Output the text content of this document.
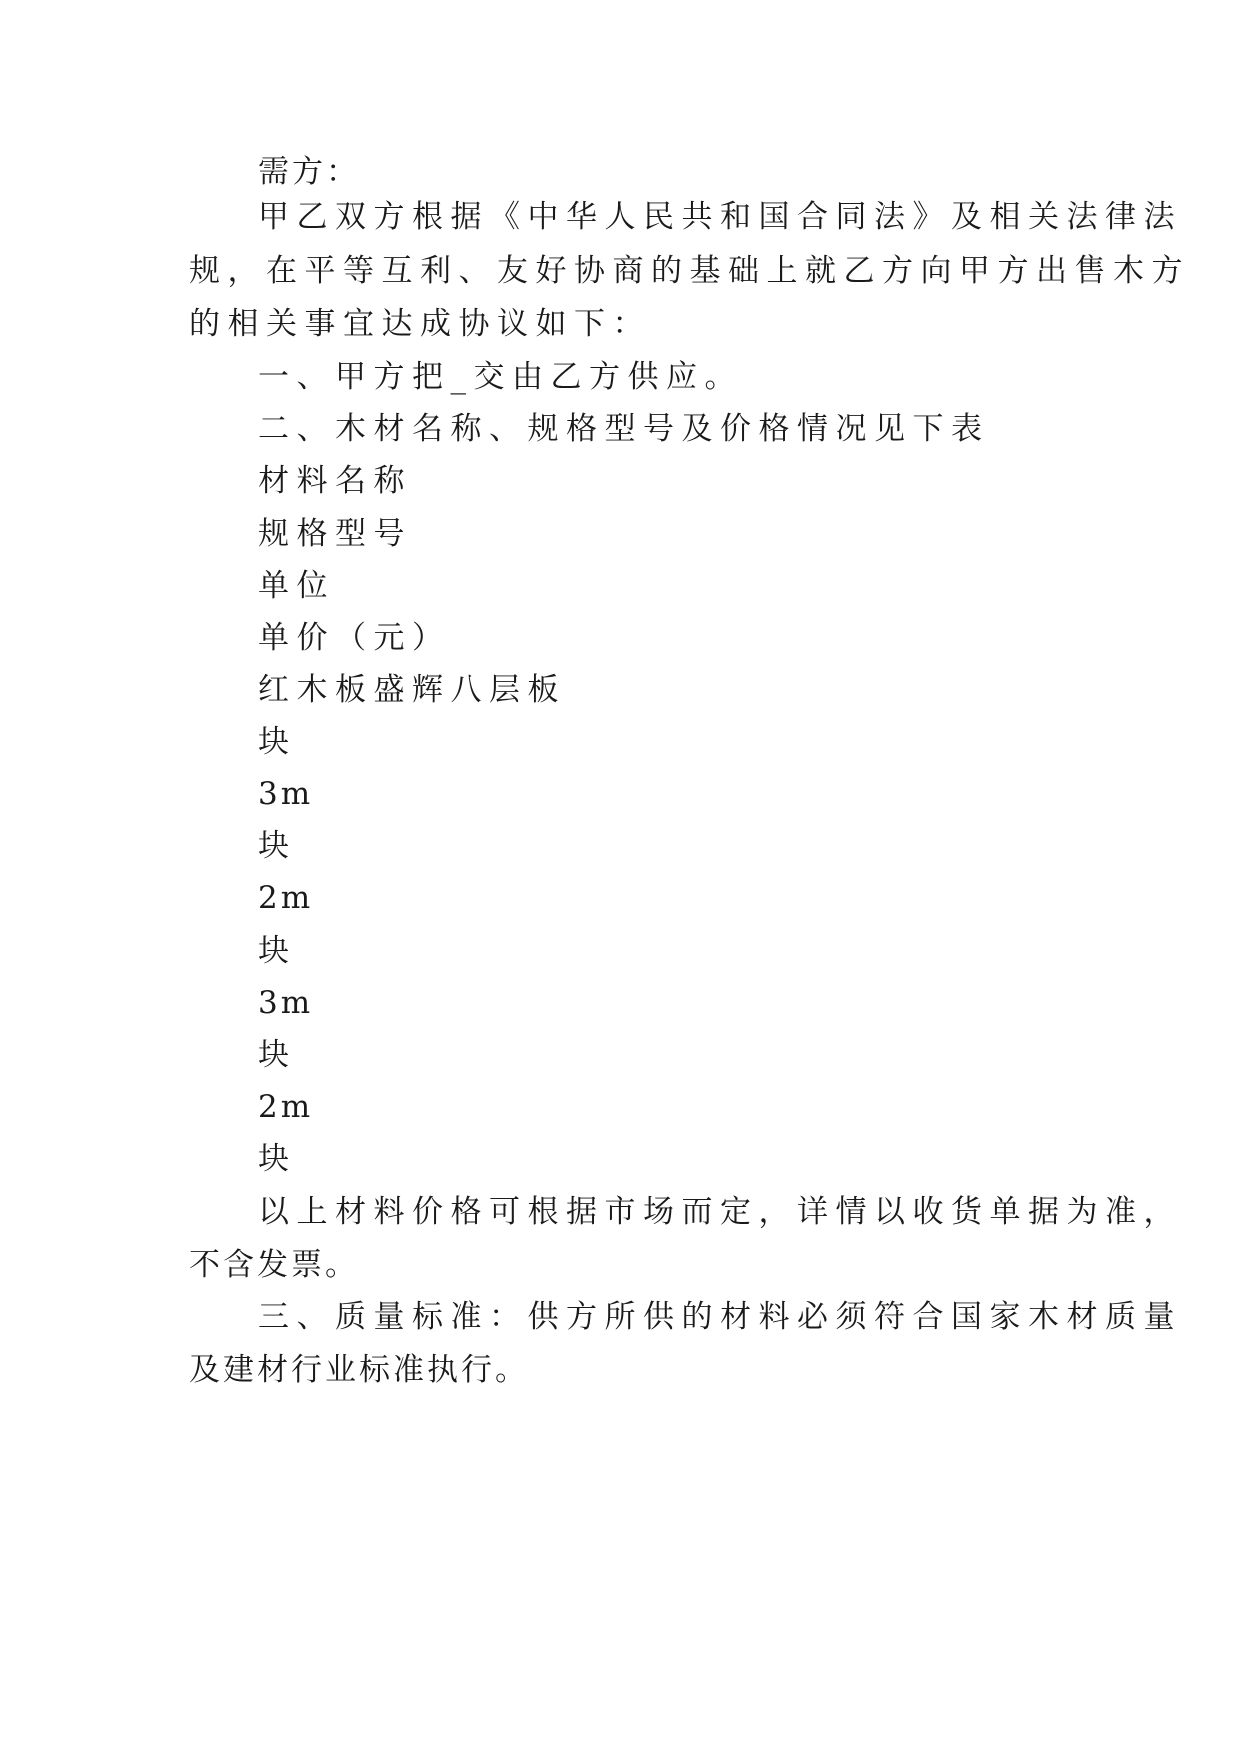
需方：

甲乙双方根据《中华人民共和国合同法》及相关法律法

规，在平等互利、友好协商的基础上就乙方向甲方出售木方

的相关事宜达成协议如下：

一、甲方把_交由乙方供应。

二、木材名称、规格型号及价格情况见下表

材料名称

规格型号

单位

单价（元）

红木板盛辉八层板

块

3m

块

2m

块

3m

块

2m

块

以上材料价格可根据市场而定，详情以收货单据为准，

不含发票。

三、质量标准：供方所供的材料必须符合国家木材质量

及建材行业标准执行。
